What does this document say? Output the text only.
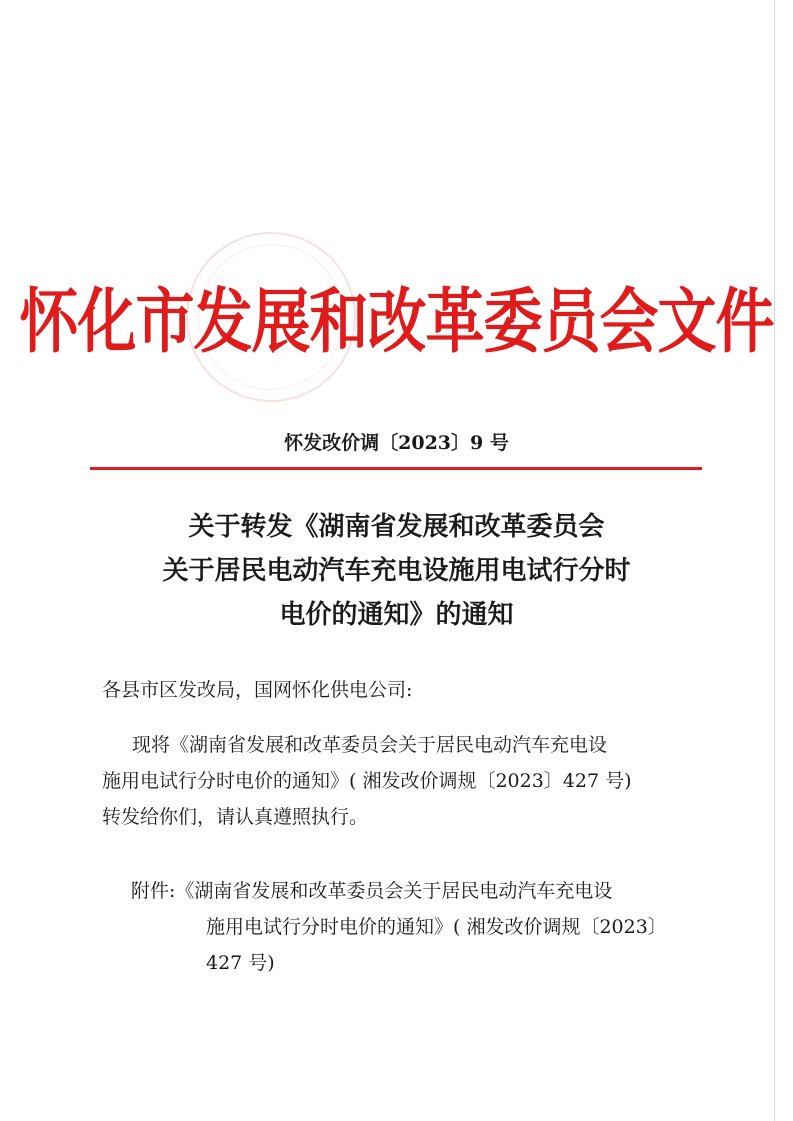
怀化市发展和改革委员会文件
怀发改价调〔2023〕9 号
关于转发《湖南省发展和改革委员会
关于居民电动汽车充电设施用电试行分时
电价的通知》的通知
各县市区发改局，国网怀化供电公司:
现将《湖南省发展和改革委员会关于居民电动汽车充电设
施用电试行分时电价的通知》( 湘发改价调规〔2023〕427 号)
转发给你们，请认真遵照执行。
附件:《湖南省发展和改革委员会关于居民电动汽车充电设
施用电试行分时电价的通知》( 湘发改价调规〔2023〕
427 号)
